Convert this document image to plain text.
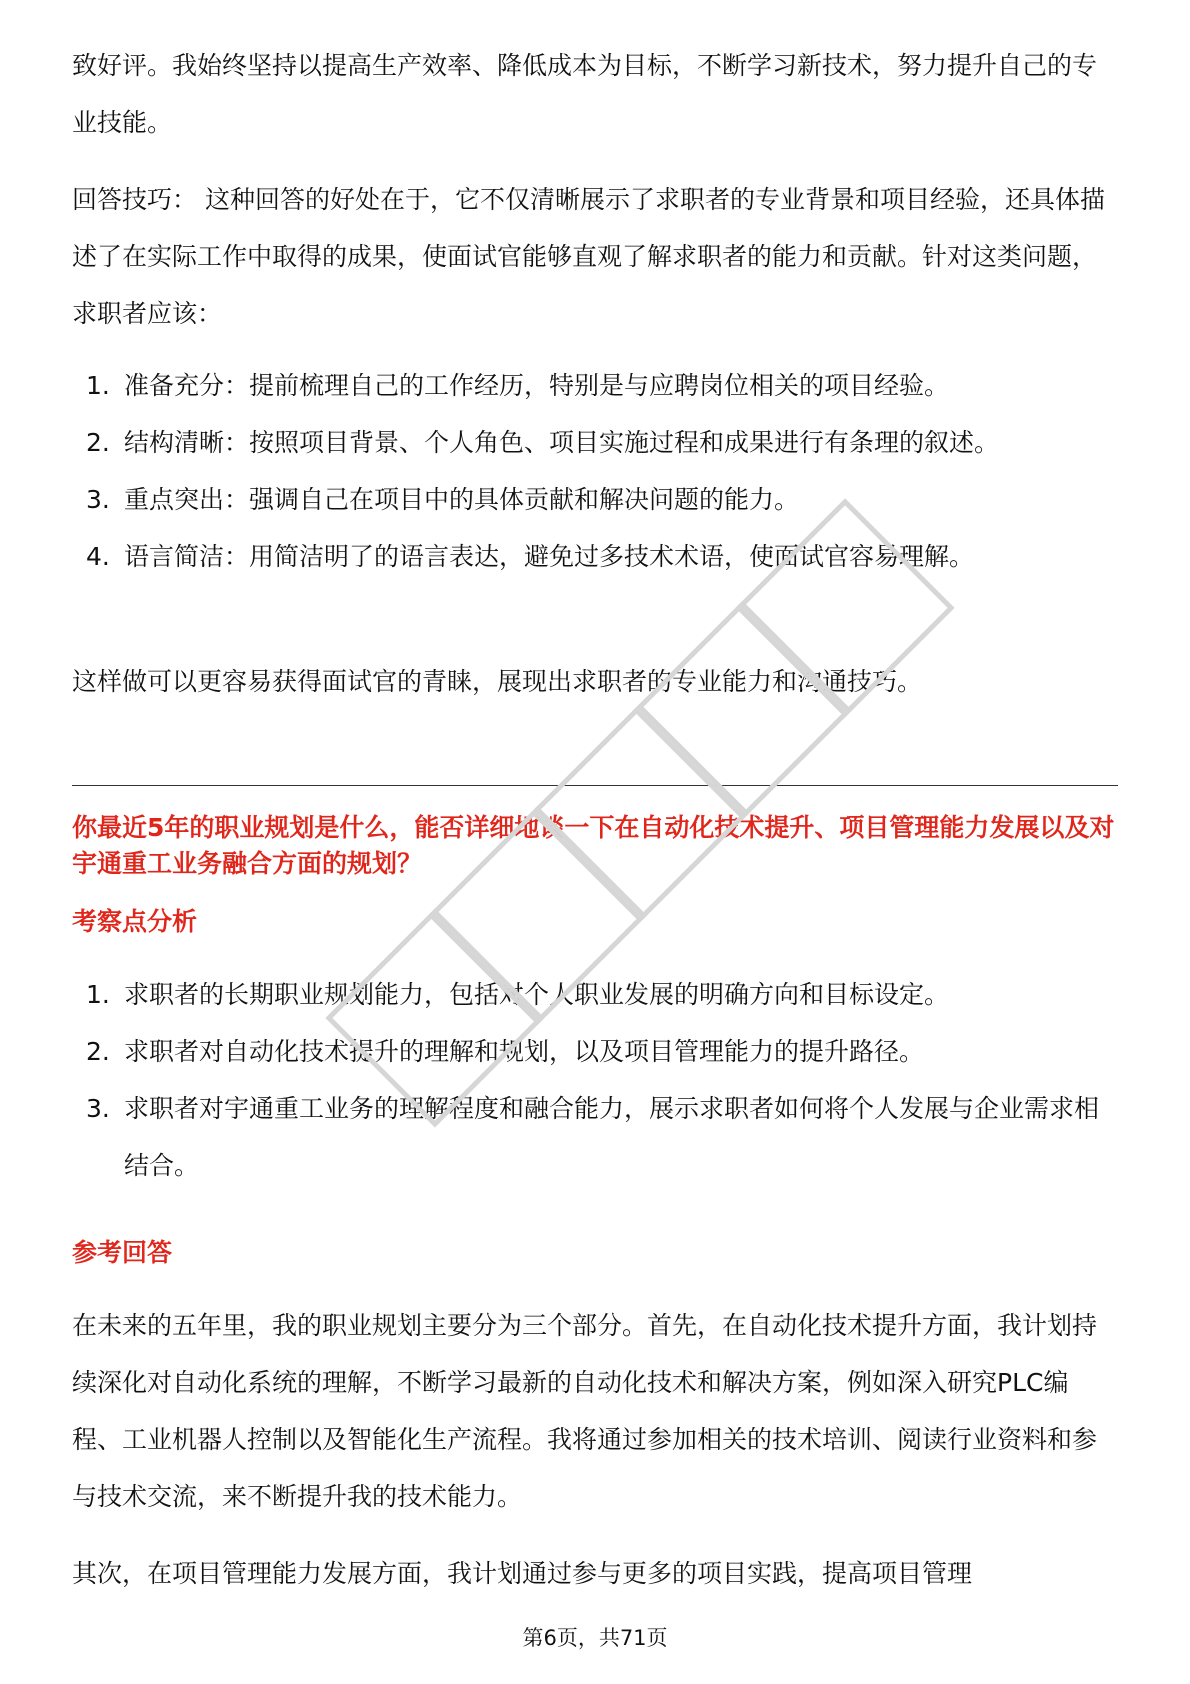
致好评。我始终坚持以提高生产效率、降低成本为目标，不断学习新技术，努力提升自己的专业技能。

回答技巧： 这种回答的好处在于，它不仅清晰展示了求职者的专业背景和项目经验，还具体描述了在实际工作中取得的成果，使面试官能够直观了解求职者的能力和贡献。针对这类问题，求职者应该：

1. 准备充分：提前梳理自己的工作经历，特别是与应聘岗位相关的项目经验。
2. 结构清晰：按照项目背景、个人角色、项目实施过程和成果进行有条理的叙述。
3. 重点突出：强调自己在项目中的具体贡献和解决问题的能力。
4. 语言简洁：用简洁明了的语言表达，避免过多技术术语，使面试官容易理解。

这样做可以更容易获得面试官的青睐，展现出求职者的专业能力和沟通技巧。

你最近5年的职业规划是什么，能否详细地谈一下在自动化技术提升、项目管理能力发展以及对宇通重工业务融合方面的规划？

考察点分析

1. 求职者的长期职业规划能力，包括对个人职业发展的明确方向和目标设定。
2. 求职者对自动化技术提升的理解和规划，以及项目管理能力的提升路径。
3. 求职者对宇通重工业务的理解程度和融合能力，展示求职者如何将个人发展与企业需求相结合。

参考回答

在未来的五年里，我的职业规划主要分为三个部分。首先，在自动化技术提升方面，我计划持续深化对自动化系统的理解，不断学习最新的自动化技术和解决方案，例如深入研究PLC编程、工业机器人控制以及智能化生产流程。我将通过参加相关的技术培训、阅读行业资料和参与技术交流，来不断提升我的技术能力。

其次，在项目管理能力发展方面，我计划通过参与更多的项目实践，提高项目管理

第6页，共71页
